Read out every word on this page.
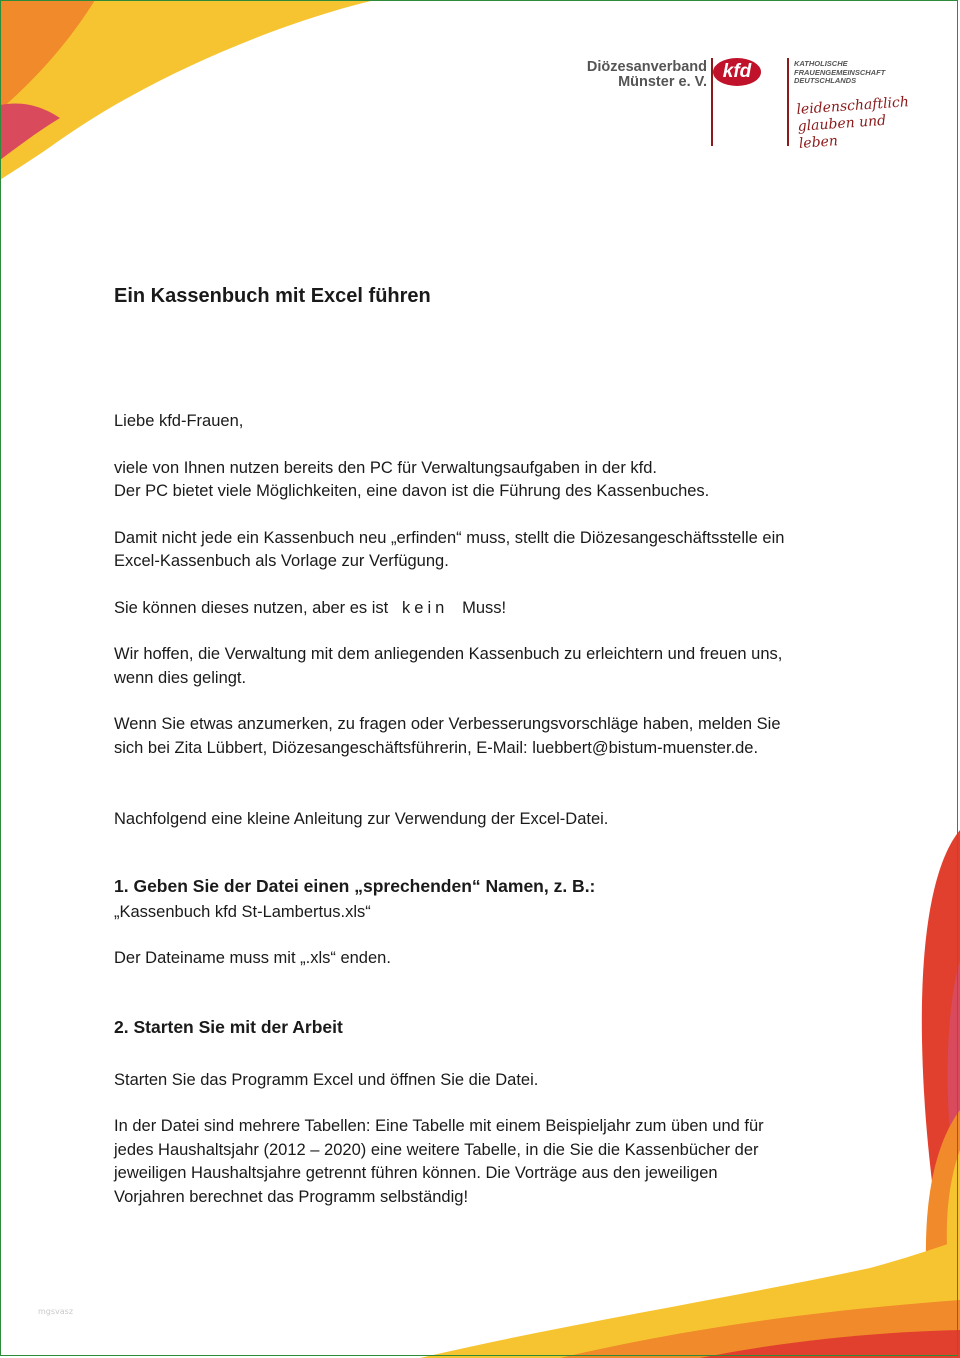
Diözesanverband
Münster e. V. kfd	KATHOLISCHE
FRAUENGEMEINSCHAFT
DEUTSCHLANDS
leidenschaftlich
glauben und leben

Ein Kassenbuch mit Excel führen

Liebe kfd-Frauen,

viele von Ihnen nutzen bereits den PC für Verwaltungsaufgaben in der kfd.

Der PC bietet viele Möglichkeiten, eine davon ist die Führung des Kassenbuches.

Damit nicht jede ein Kassenbuch neu „erfinden“ muss, stellt die Diözesangeschäftsstelle ein

Excel-Kassenbuch als Vorlage zur Verfügung.

Sie können dieses nutzen, aber es ist kein Muss!

Wir hoffen, die Verwaltung mit dem anliegenden Kassenbuch zu erleichtern und freuen uns,

wenn dies gelingt.

Wenn Sie etwas anzumerken, zu fragen oder Verbesserungsvorschläge haben, melden Sie

sich bei Zita Lübbert, Diözesangeschäftsführerin, E-Mail: luebbert@bistum-muenster.de.

Nachfolgend eine kleine Anleitung zur Verwendung der Excel-Datei.

1. Geben Sie der Datei einen „sprechenden“ Namen, z. B.:

„Kassenbuch kfd St-Lambertus.xls“

Der Dateiname muss mit „.xls“ enden.

2. Starten Sie mit der Arbeit

Starten Sie das Programm Excel und öffnen Sie die Datei.

In der Datei sind mehrere Tabellen: Eine Tabelle mit einem Beispieljahr zum üben und für

jedes Haushaltsjahr (2012 – 2020) eine weitere Tabelle, in die Sie die Kassenbücher der

jeweiligen Haushaltsjahre getrennt führen können. Die Vorträge aus den jeweiligen

Vorjahren berechnet das Programm selbständig!

mgsvasz
